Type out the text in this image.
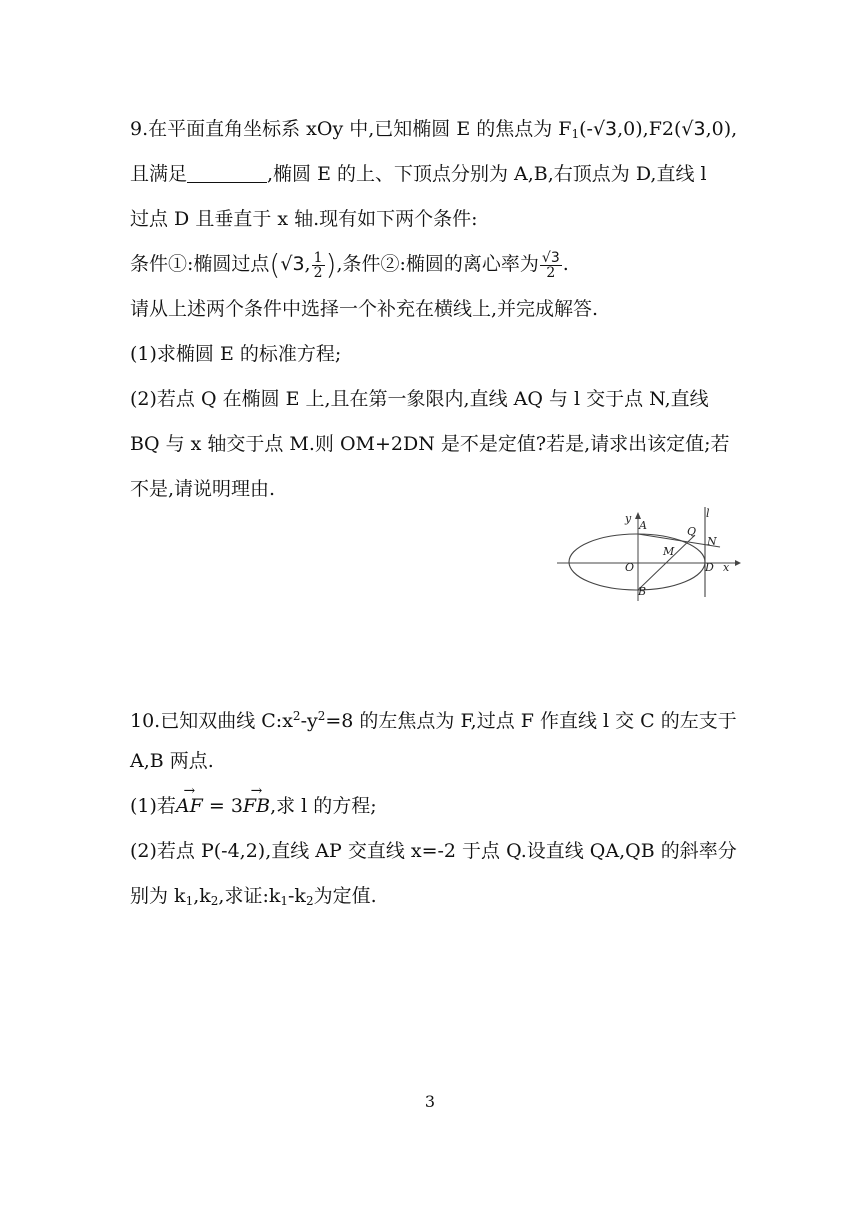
9.在平面直角坐标系 xOy 中,已知椭圆 E 的焦点为 $F_1(-√3,0),F2(√3,0)$,
且满足	,椭圆 E 的上、下顶点分别为 A,B,右顶点为 D,直线 l
过点 D 且垂直于 x 轴.现有如下两个条件:
条件①:椭圆过点(√3, $\frac{1}{2}$ ),条件②:椭圆的离心率为 $\frac{√3}{2}$ .
请从上述两个条件中选择一个补充在横线上,并完成解答.
(1)求椭圆 E 的标准方程;
(2)若点 Q 在椭圆 E 上,且在第一象限内,直线 AQ 与 l 交于点 N,直线
BQ 与 x 轴交于点 M.则 OM+2DN 是不是定值?若是,请求出该定值;若
不是,请说明理由.
y
A	Q
l
N
M
O	D x
B
10.已知双曲线 $C:x^2-y^2=8$ 的左焦点为 F,过点 F 作直线 l 交 C 的左支于
A,B 两点.
(1)若→ AF = 3→ FB,求 l 的方程;
(2)若点 P(-4,2),直线 AP 交直线 x=-2 于点 Q.设直线 QA,QB 的斜率分
别为 $k_1,k_2$,求证$:k_1-k_2$为定值.
3
